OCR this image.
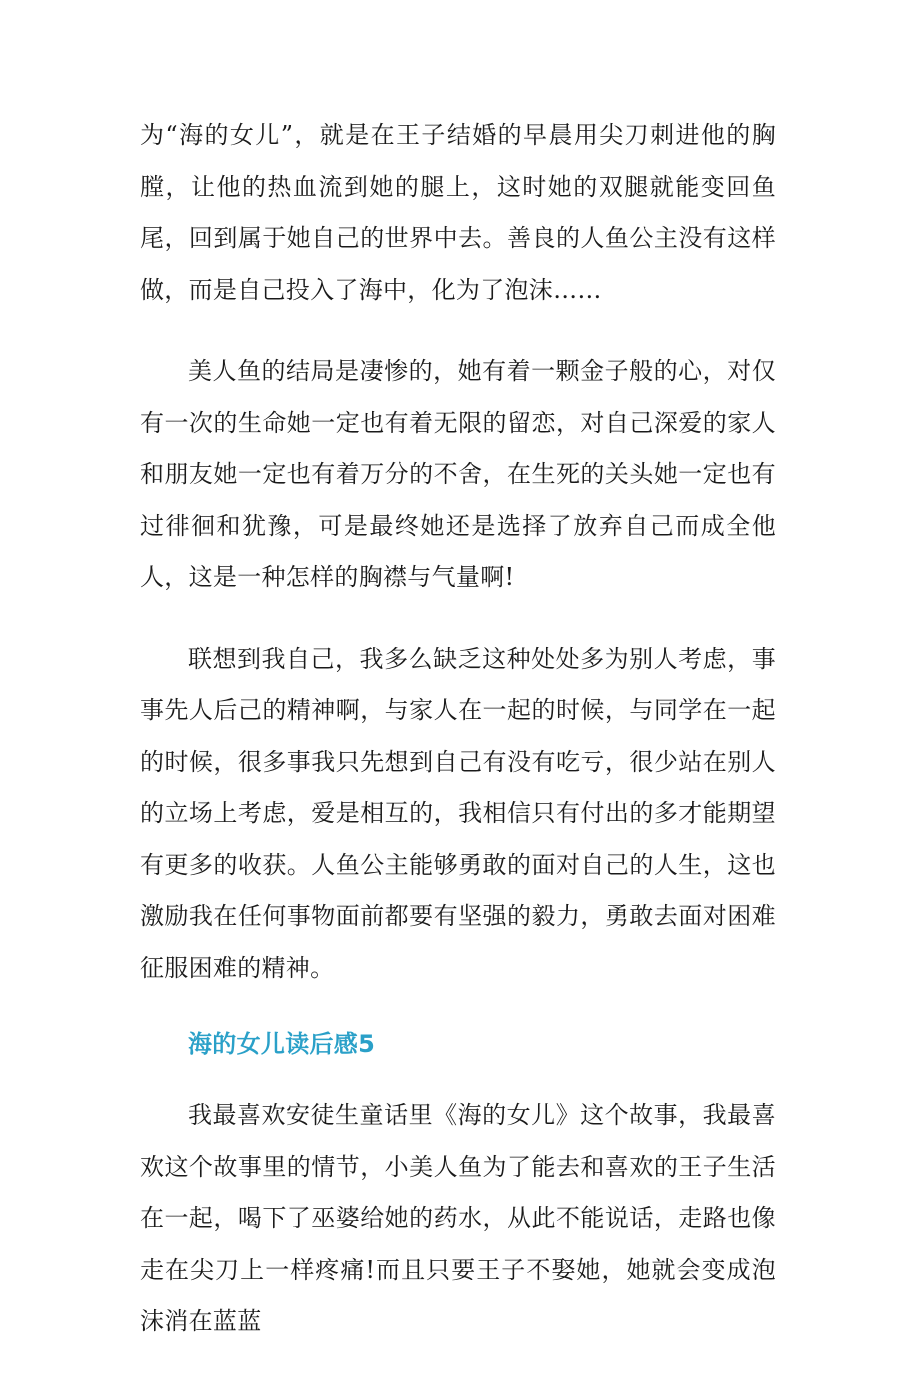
为“海的女儿”，就是在王子结婚的早晨用尖刀刺进他的胸膛，让他的热血流到她的腿上，这时她的双腿就能变回鱼尾，回到属于她自己的世界中去。善良的人鱼公主没有这样做，而是自己投入了海中，化为了泡沫……

美人鱼的结局是凄惨的，她有着一颗金子般的心，对仅有一次的生命她一定也有着无限的留恋，对自己深爱的家人和朋友她一定也有着万分的不舍，在生死的关头她一定也有过徘徊和犹豫，可是最终她还是选择了放弃自己而成全他人，这是一种怎样的胸襟与气量啊!

联想到我自己，我多么缺乏这种处处多为别人考虑，事事先人后己的精神啊，与家人在一起的时候，与同学在一起的时候，很多事我只先想到自己有没有吃亏，很少站在别人的立场上考虑，爱是相互的，我相信只有付出的多才能期望有更多的收获。人鱼公主能够勇敢的面对自己的人生，这也激励我在任何事物面前都要有坚强的毅力，勇敢去面对困难征服困难的精神。

海的女儿读后感5

我最喜欢安徒生童话里《海的女儿》这个故事，我最喜欢这个故事里的情节，小美人鱼为了能去和喜欢的王子生活在一起，喝下了巫婆给她的药水，从此不能说话，走路也像走在尖刀上一样疼痛!而且只要王子不娶她，她就会变成泡沫消在蓝蓝
